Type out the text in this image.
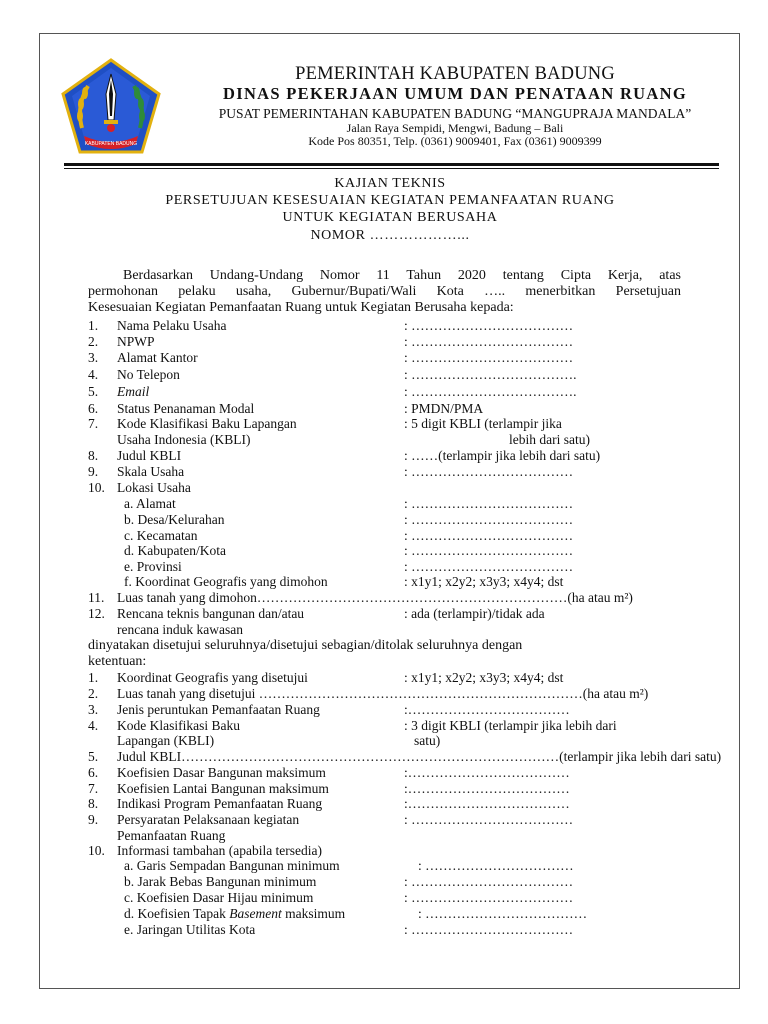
KABUPATEN BADUNG
PEMERINTAH KABUPATEN BADUNG
DINAS PEKERJAAN UMUM DAN PENATAAN RUANG
PUSAT PEMERINTAHAN KABUPATEN BADUNG “MANGUPRAJA MANDALA”
Jalan Raya Sempidi, Mengwi, Badung – Bali
Kode Pos 80351, Telp. (0361) 9009401, Fax (0361) 9009399
KAJIAN TEKNIS
PERSETUJUAN KESESUAIAN KEGIATAN PEMANFAATAN RUANG
UNTUK KEGIATAN BERUSAHA
NOMOR ………………...
Berdasarkan Undang-Undang Nomor 11 Tahun 2020 tentang Cipta Kerja, atas
permohonan pelaku usaha, Gubernur/Bupati/Wali Kota ….. menerbitkan Persetujuan
Kesesuaian Kegiatan Pemanfaatan Ruang untuk Kegiatan Berusaha kepada:
1. Nama Pelaku Usaha	: ………………………………
2. NPWP	: ………………………………
3. Alamat Kantor	: ………………………………
4. No Telepon	: ……………………………….
5. Email	: ……………………………….
6. Status Penanaman Modal	: PMDN/PMA
7. Kode Klasifikasi Baku Lapangan	: 5 digit KBLI (terlampir jika
Usaha Indonesia (KBLI)	lebih dari satu)
8. Judul KBLI	: ……(terlampir jika lebih dari satu)
9. Skala Usaha	: ………………………………
10. Lokasi Usaha
a. Alamat	: ………………………………
b. Desa/Kelurahan	: ………………………………
c. Kecamatan	: ………………………………
d. Kabupaten/Kota	: ………………………………
e. Provinsi	: ………………………………
f. Koordinat Geografis yang dimohon	: x1y1; x2y2; x3y3; x4y4; dst
11. Luas tanah yang dimohon……………………………………………………………(ha atau m²)
12. Rencana teknis bangunan dan/atau	: ada (terlampir)/tidak ada
rencana induk kawasan
dinyatakan disetujui seluruhnya/disetujui sebagian/ditolak seluruhnya dengan
ketentuan:
1. Koordinat Geografis yang disetujui	: x1y1; x2y2; x3y3; x4y4; dst
2. Luas tanah yang disetujui ………………………………………………………………(ha atau m²)
3. Jenis peruntukan Pemanfaatan Ruang	:………………………………
4. Kode Klasifikasi Baku	: 3 digit KBLI (terlampir jika lebih dari
Lapangan (KBLI)	satu)
5. Judul KBLI…………………………………………………………………………(terlampir jika lebih dari satu)
6. Koefisien Dasar Bangunan maksimum	:………………………………
7. Koefisien Lantai Bangunan maksimum	:………………………………
8. Indikasi Program Pemanfaatan Ruang	:………………………………
9. Persyaratan Pelaksanaan kegiatan	: ………………………………
Pemanfaatan Ruang
10. Informasi tambahan (apabila tersedia)
a. Garis Sempadan Bangunan minimum	: ……………………………
b. Jarak Bebas Bangunan minimum	: ………………………………
c. Koefisien Dasar Hijau minimum	: ………………………………
d. Koefisien Tapak Basement maksimum	: ………………………………
e. Jaringan Utilitas Kota	: ………………………………
